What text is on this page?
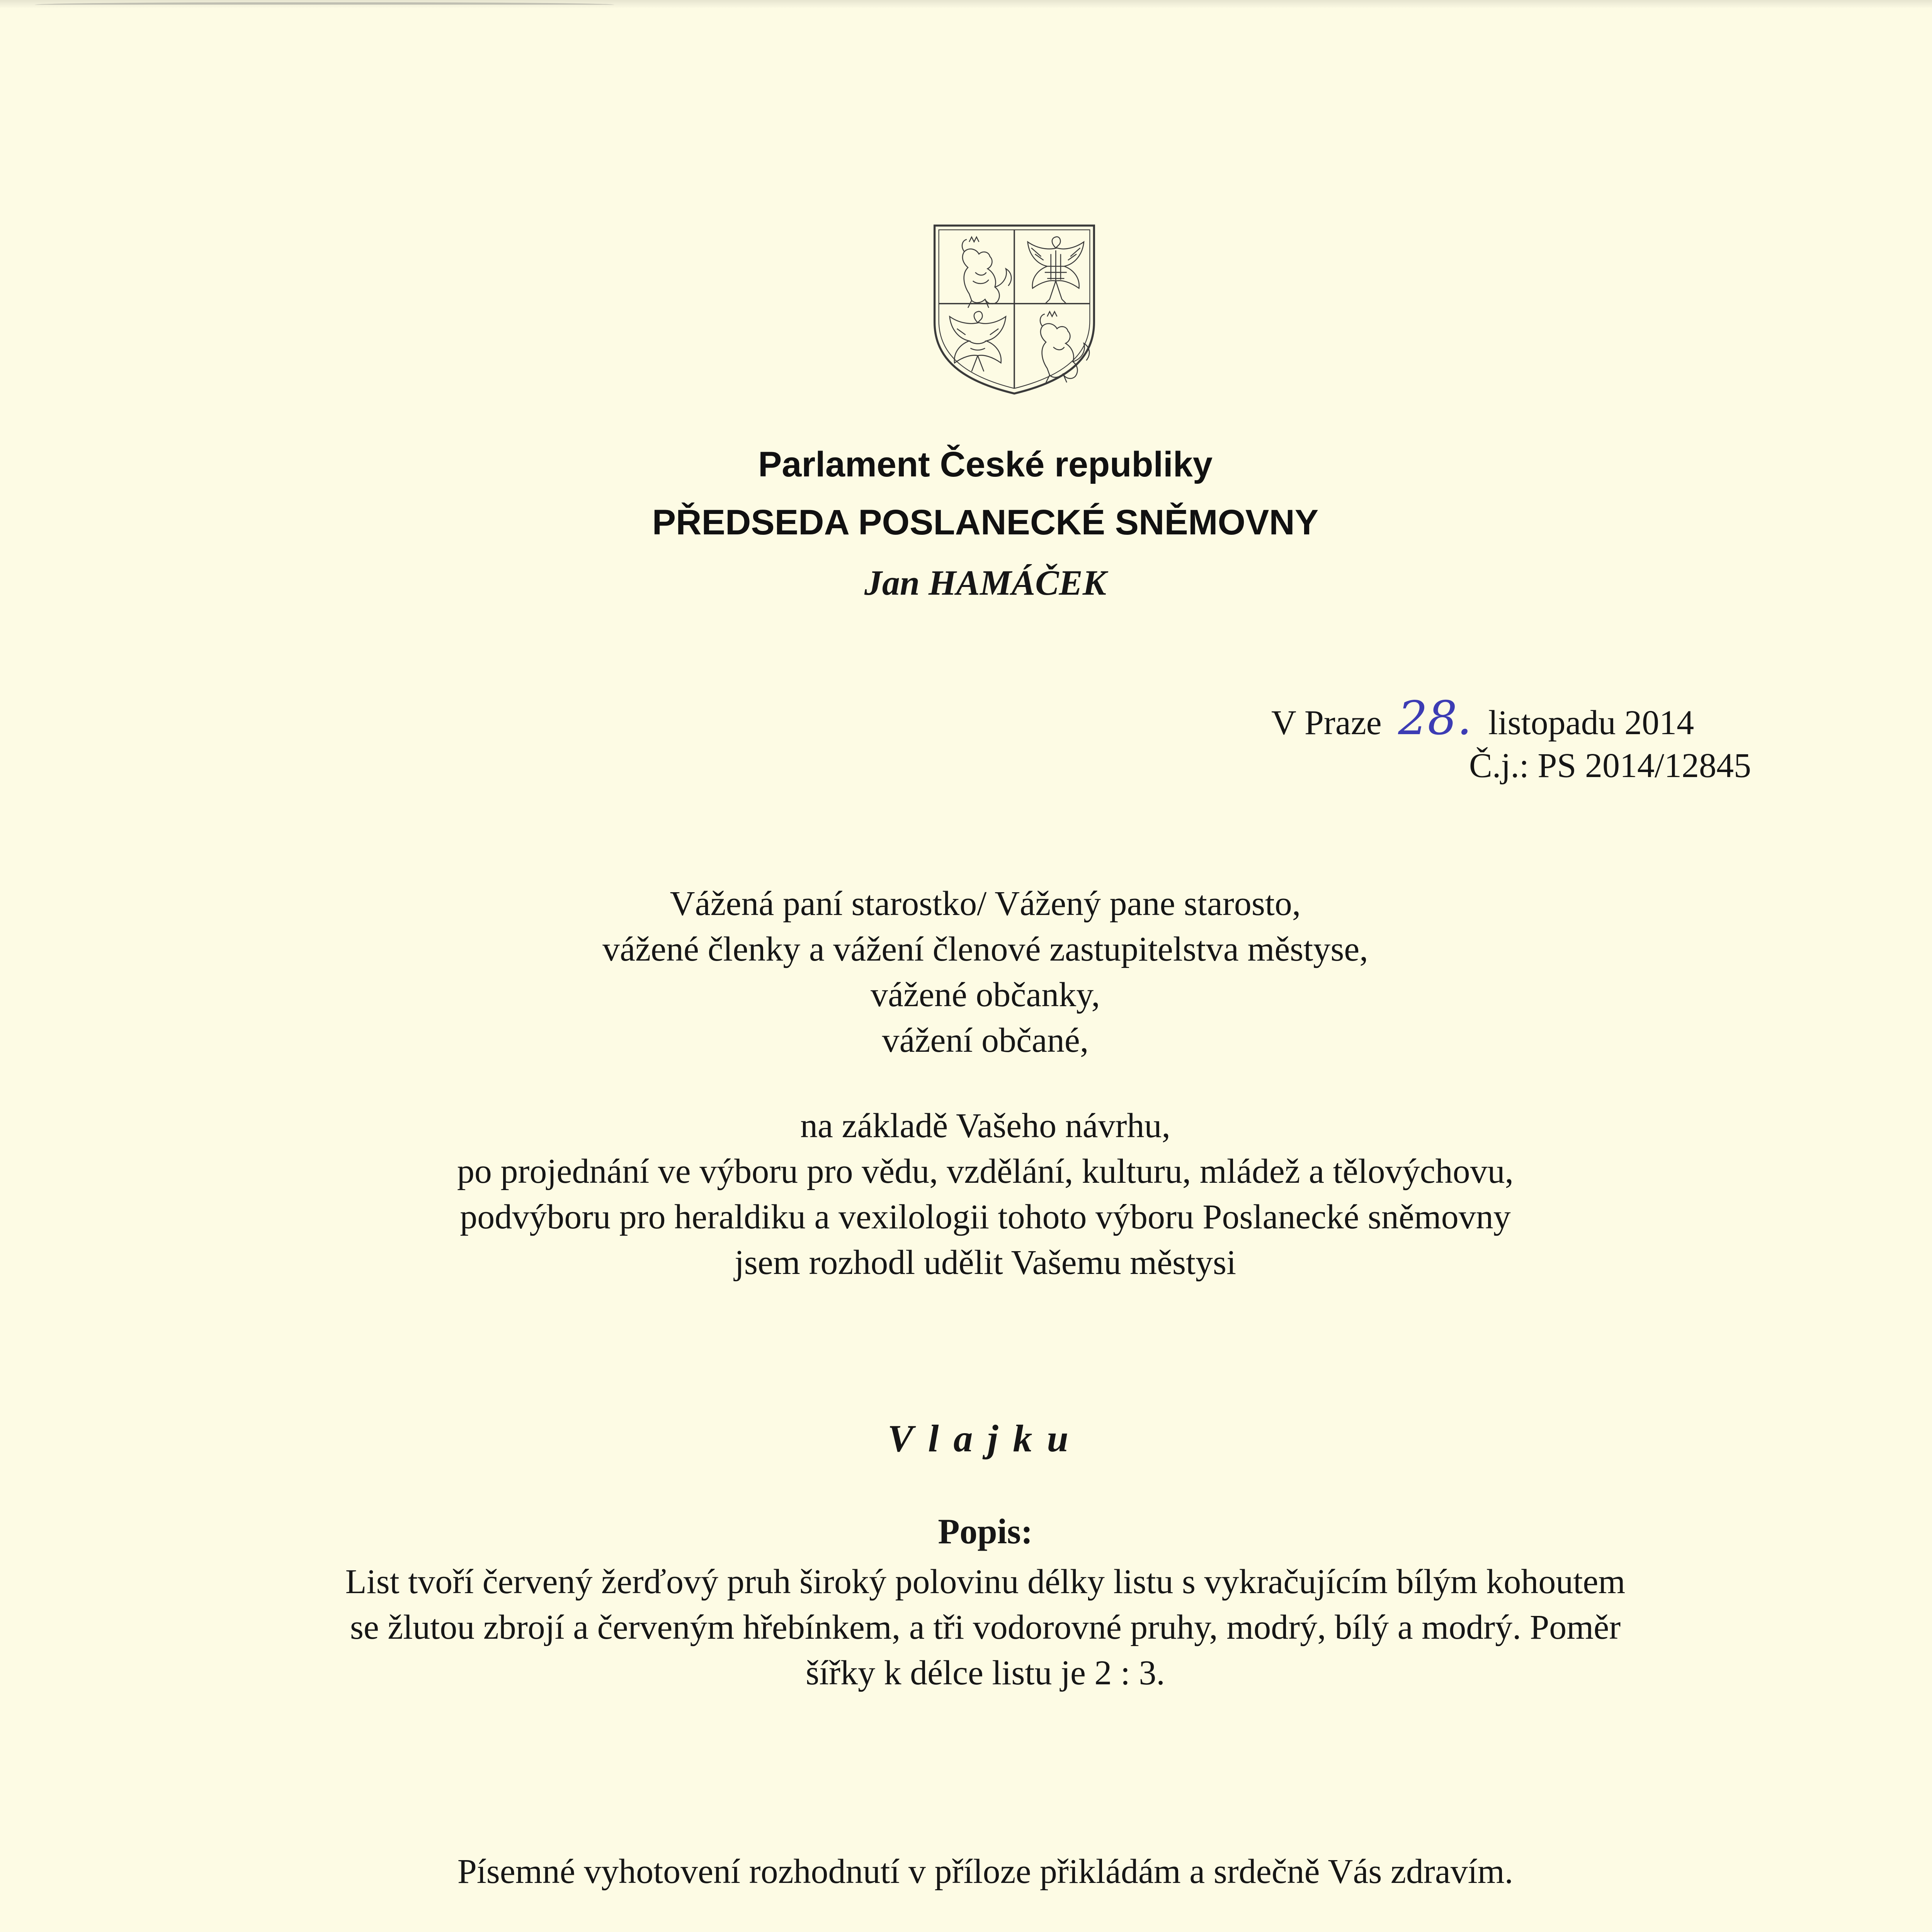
Parlament České republiky
PŘEDSEDA POSLANECKÉ SNĚMOVNY
Jan HAMÁČEK
V Praze 28. listopadu 2014
Č.j.: PS 2014/12845
Vážená paní starostko/ Vážený pane starosto,
vážené členky a vážení členové zastupitelstva městyse,
vážené občanky,
vážení občané,
na základě Vašeho návrhu,
po projednání ve výboru pro vědu, vzdělání, kulturu, mládež a tělovýchovu,
podvýboru pro heraldiku a vexilologii tohoto výboru Poslanecké sněmovny
jsem rozhodl udělit Vašemu městysi
Vlajku
Popis:
List tvoří červený žerďový pruh široký polovinu délky listu s vykračujícím bílým kohoutem
se žlutou zbrojí a červeným hřebínkem, a tři vodorovné pruhy, modrý, bílý a modrý. Poměr
šířky k délce listu je 2 : 3.
Písemné vyhotovení rozhodnutí v příloze přikládám a srdečně Vás zdravím.
